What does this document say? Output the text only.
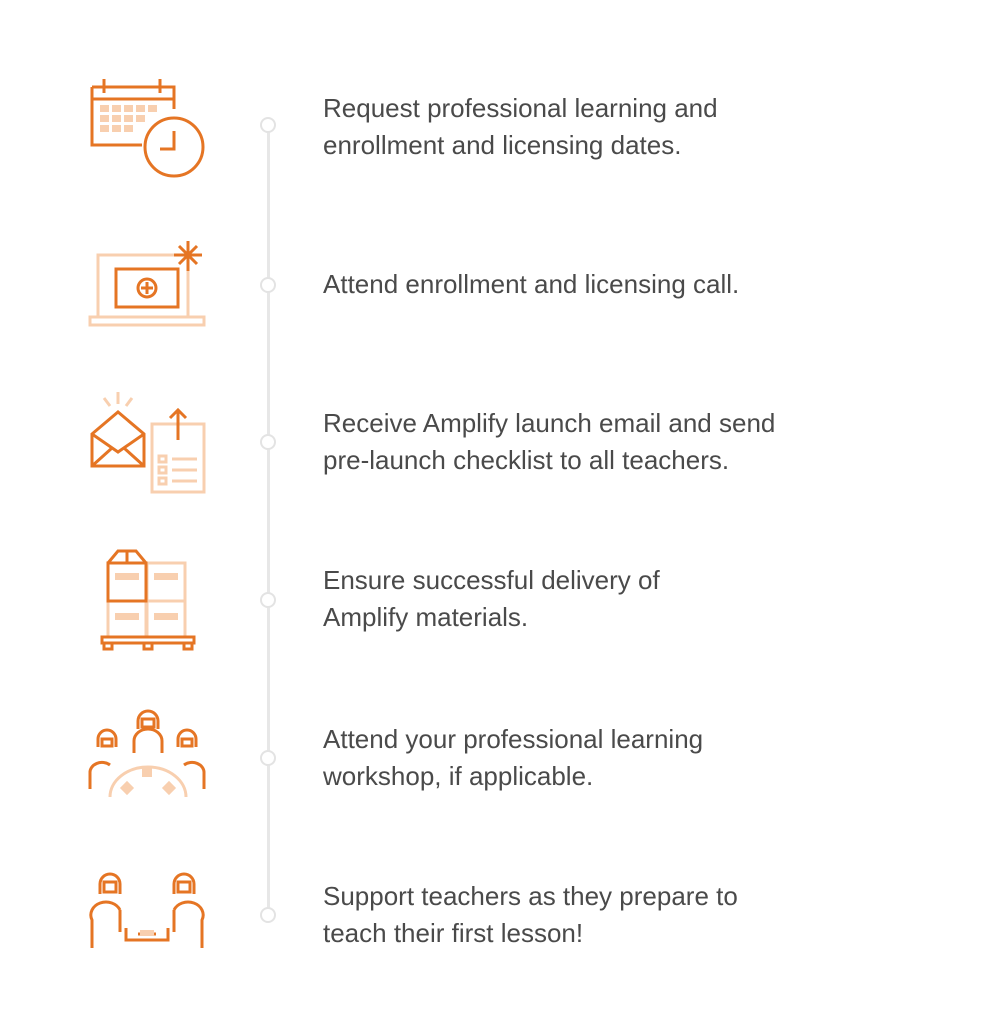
Request professional learning and
enrollment and licensing dates.
Attend enrollment and licensing call.
Receive Amplify launch email and send
pre-launch checklist to all teachers.
Ensure successful delivery of
Amplify materials.
Attend your professional learning
workshop, if applicable.
Support teachers as they prepare to
teach their first lesson!
